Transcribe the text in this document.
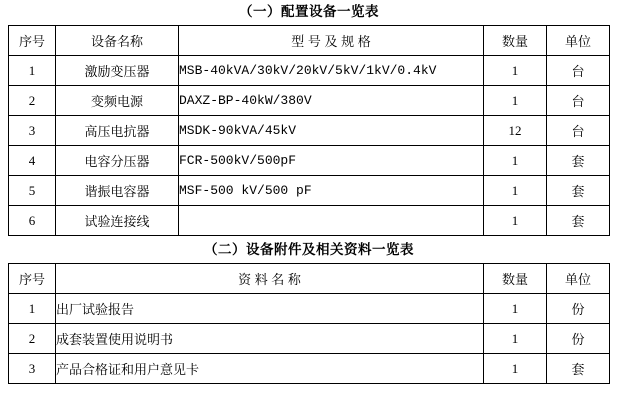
（一）配置设备一览表
序号	设备名称	型 号 及 规 格	数量	单位
1	激励变压器	MSB-40kVA/30kV/20kV/5kV/1kV/0.4kV	1	台
2	变频电源	DAXZ-BP-40kW/380V	1	台
3	高压电抗器	MSDK-90kVA/45kV	12	台
4	电容分压器	FCR-500kV/500pF	1	套
5	谐振电容器	MSF-500 kV/500 pF	1	套
6	试验连接线		1	套
（二）设备附件及相关资料一览表
序号	资 料 名 称	数量	单位
1	出厂试验报告	1	份
2	成套装置使用说明书	1	份
3	产品合格证和用户意见卡	1	套
